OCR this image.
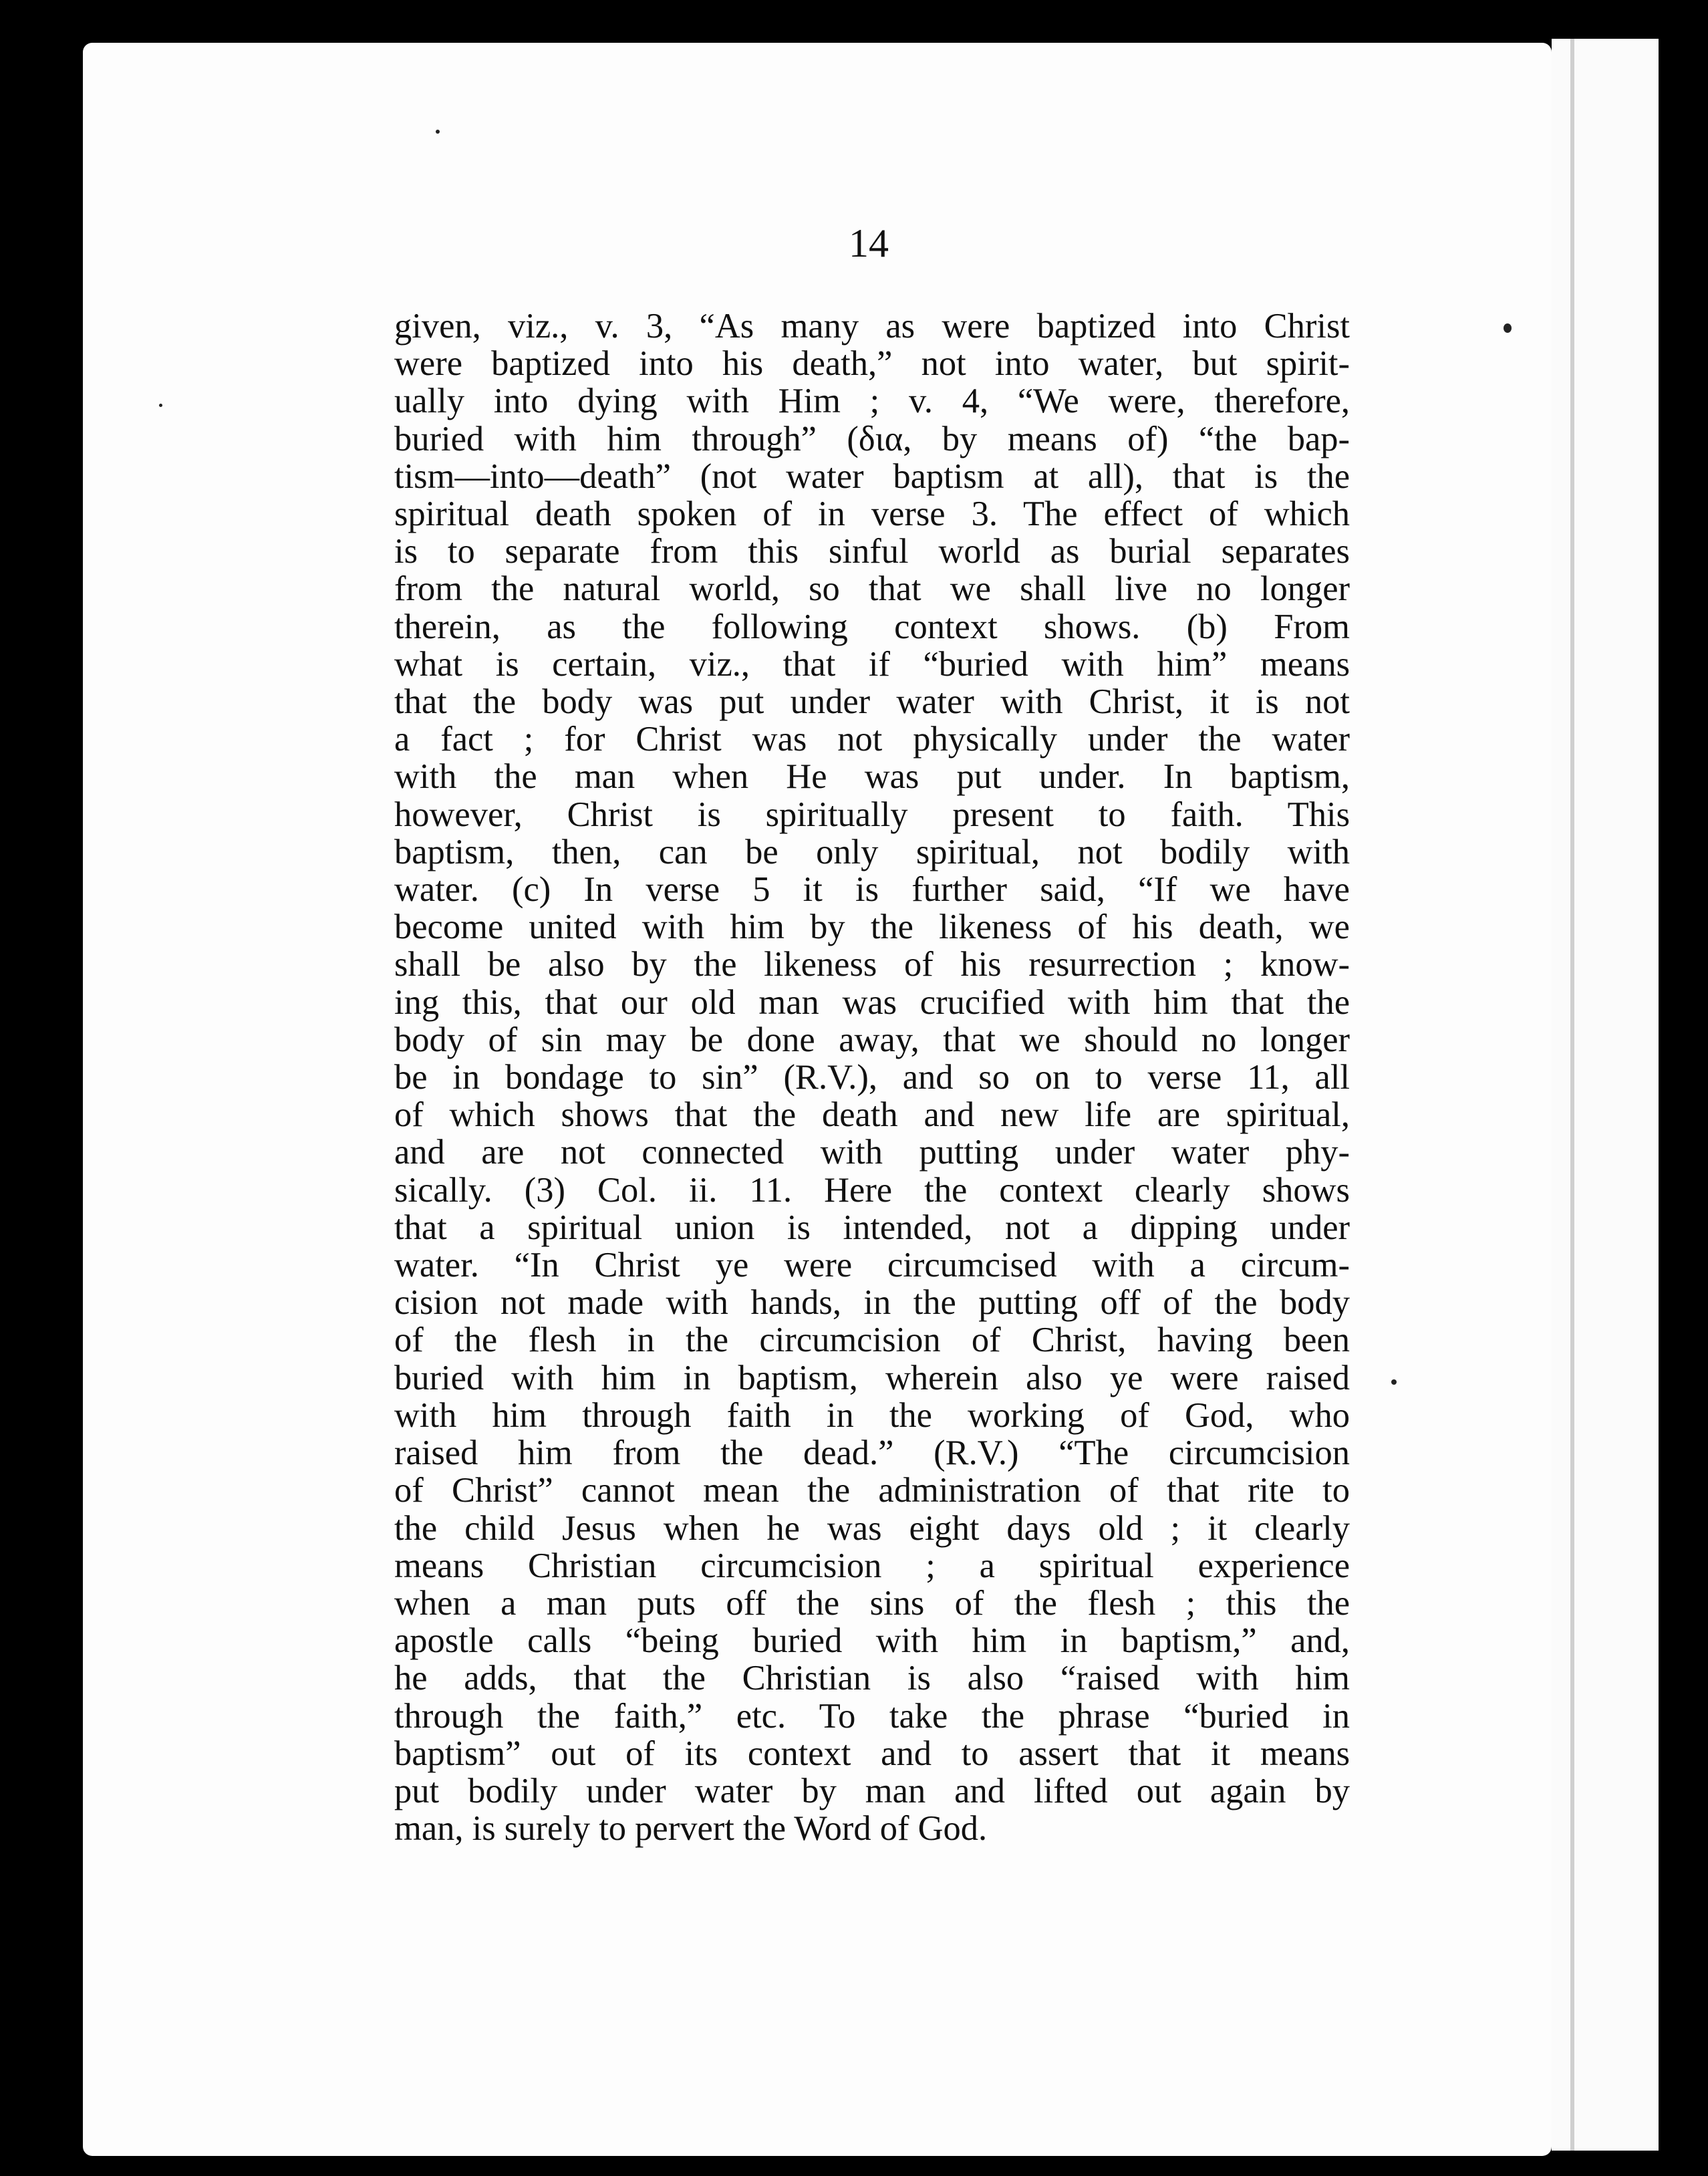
14
given, viz., v. 3, “As many as were baptized into Christ
were baptized into his death,” not into water, but spirit-
ually into dying with Him ; v. 4, “We were, therefore,
buried with him through” (δια, by means of) “the bap-
tism—into—death” (not water baptism at all), that is the
spiritual death spoken of in verse 3. The effect of which
is to separate from this sinful world as burial separates
from the natural world, so that we shall live no longer
therein, as the following context shows. (b) From
what is certain, viz., that if “buried with him” means
that the body was put under water with Christ, it is not
a fact ; for Christ was not physically under the water
with the man when He was put under. In baptism,
however, Christ is spiritually present to faith. This
baptism, then, can be only spiritual, not bodily with
water. (c) In verse 5 it is further said, “If we have
become united with him by the likeness of his death, we
shall be also by the likeness of his resurrection ; know-
ing this, that our old man was crucified with him that the
body of sin may be done away, that we should no longer
be in bondage to sin” (R.V.), and so on to verse 11, all
of which shows that the death and new life are spiritual,
and are not connected with putting under water phy-
sically. (3) Col. ii. 11. Here the context clearly shows
that a spiritual union is intended, not a dipping under
water. “In Christ ye were circumcised with a circum-
cision not made with hands, in the putting off of the body
of the flesh in the circumcision of Christ, having been
buried with him in baptism, wherein also ye were raised
with him through faith in the working of God, who
raised him from the dead.” (R.V.) “The circumcision
of Christ” cannot mean the administration of that rite to
the child Jesus when he was eight days old ; it clearly
means Christian circumcision ; a spiritual experience
when a man puts off the sins of the flesh ; this the
apostle calls “being buried with him in baptism,” and,
he adds, that the Christian is also “raised with him
through the faith,” etc. To take the phrase “buried in
baptism” out of its context and to assert that it means
put bodily under water by man and lifted out again by
man, is surely to pervert the Word of God.
